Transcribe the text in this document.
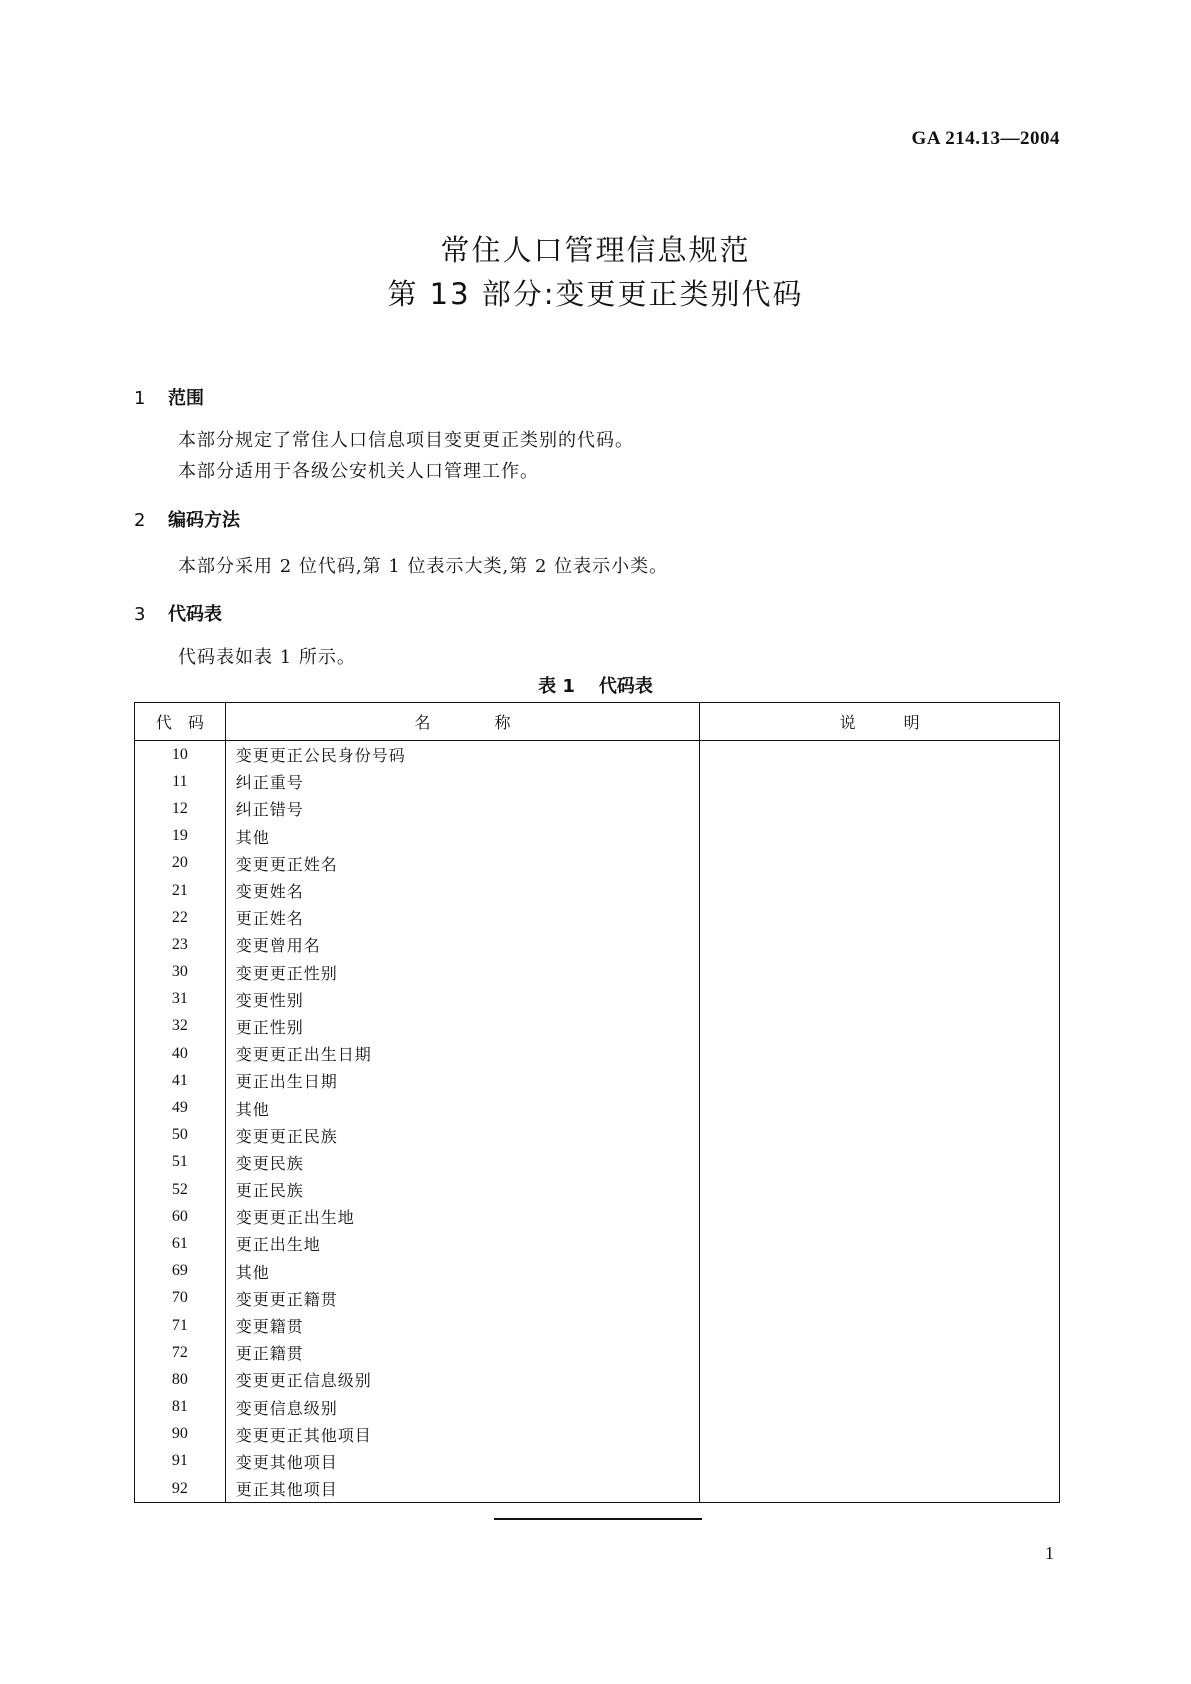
GA 214.13—2004
常住人口管理信息规范
第 13 部分:变更更正类别代码
1 范围
本部分规定了常住人口信息项目变更更正类别的代码。
本部分适用于各级公安机关人口管理工作。
2 编码方法
本部分采用 2 位代码,第 1 位表示大类,第 2 位表示小类。
3 代码表
代码表如表 1 所示。
表 1 代码表
代　码	名　　　　称	说　　　明
10	变更更正公民身份号码	
11	纠正重号	
12	纠正错号	
19	其他	
20	变更更正姓名	
21	变更姓名	
22	更正姓名	
23	变更曾用名	
30	变更更正性别	
31	变更性别	
32	更正性别	
40	变更更正出生日期	
41	更正出生日期	
49	其他	
50	变更更正民族	
51	变更民族	
52	更正民族	
60	变更更正出生地	
61	更正出生地	
69	其他	
70	变更更正籍贯	
71	变更籍贯	
72	更正籍贯	
80	变更更正信息级别	
81	变更信息级别	
90	变更更正其他项目	
91	变更其他项目	
92	更正其他项目	
1
